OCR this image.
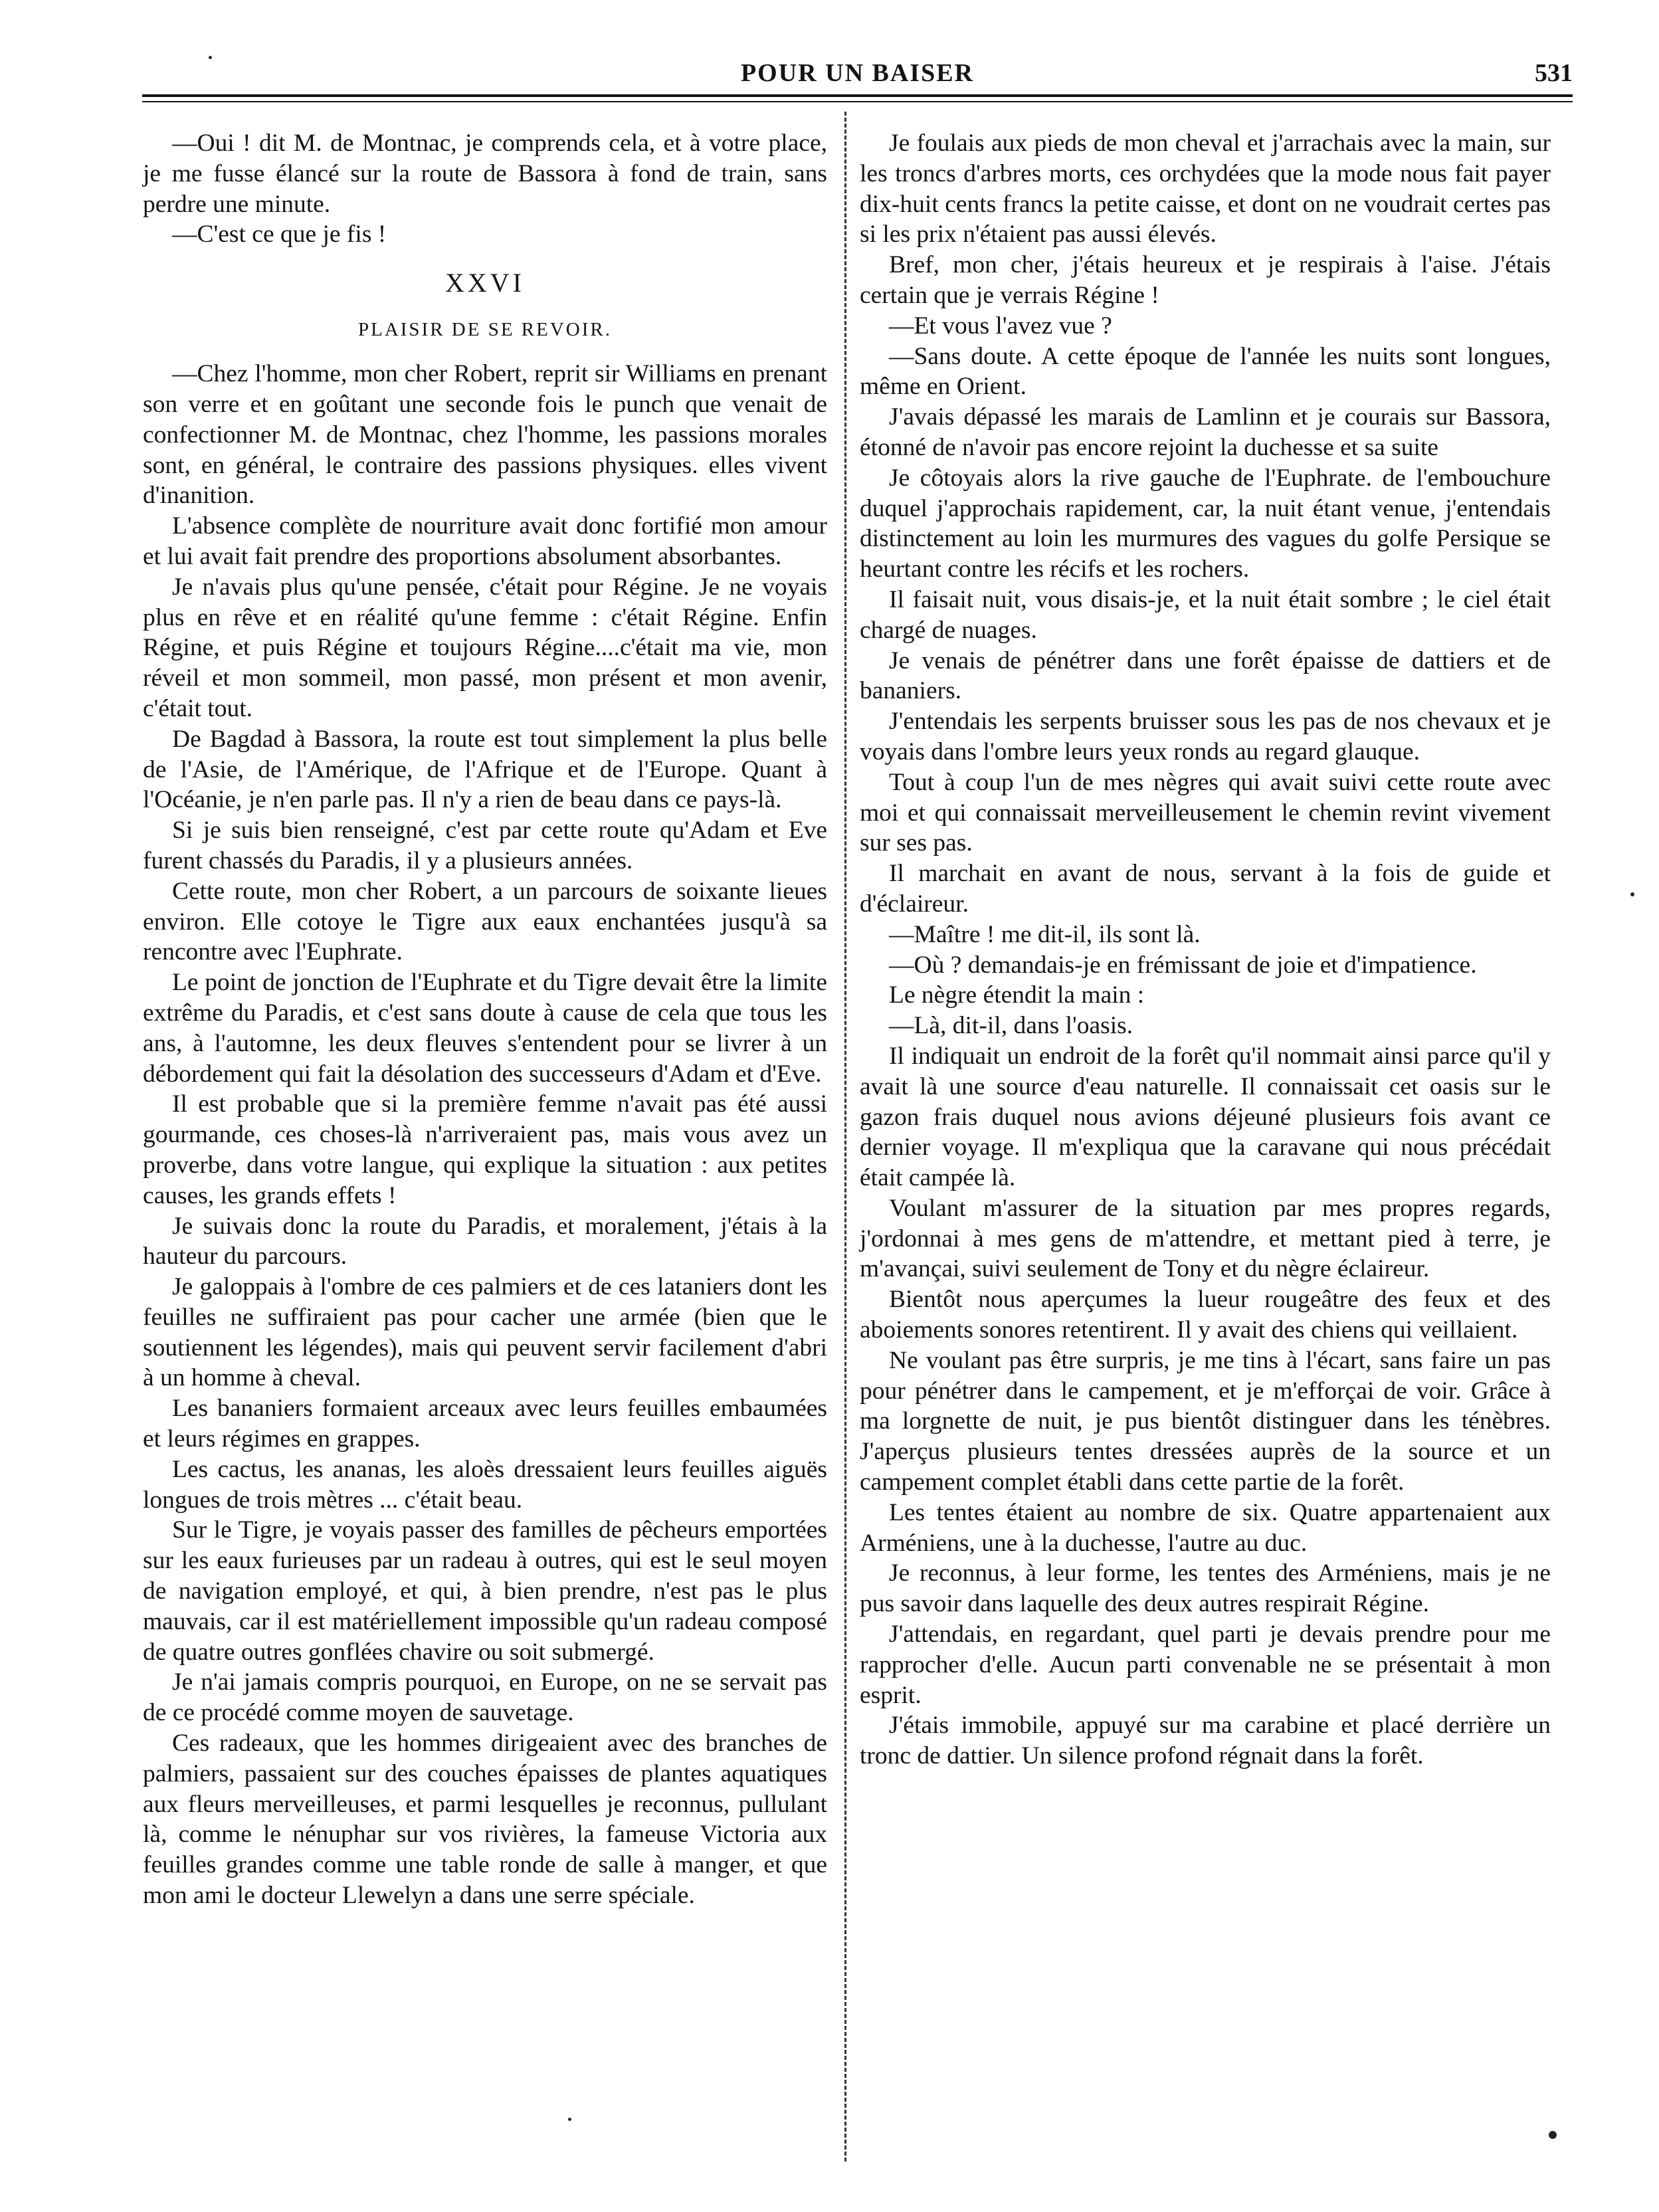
POUR UN BAISER	531

—Oui ! dit M. de Montnac, je comprends cela, et à votre place, je me fusse élancé sur la route de Bassora à fond de train, sans perdre une minute.

—C'est ce que je fis !

XXVI
PLAISIR DE SE REVOIR.

—Chez l'homme, mon cher Robert, reprit sir Williams en prenant son verre et en goûtant une seconde fois le punch que venait de confectionner M. de Montnac, chez l'homme, les passions morales sont, en général, le contraire des passions physiques. elles vivent d'inanition.

L'absence complète de nourriture avait donc fortifié mon amour et lui avait fait prendre des proportions absolument absorbantes.

Je n'avais plus qu'une pensée, c'était pour Régine. Je ne voyais plus en rêve et en réalité qu'une femme : c'était Régine. Enfin Régine, et puis Régine et toujours Régine....c'était ma vie, mon réveil et mon sommeil, mon passé, mon présent et mon avenir, c'était tout.

De Bagdad à Bassora, la route est tout simplement la plus belle de l'Asie, de l'Amérique, de l'Afrique et de l'Europe. Quant à l'Océanie, je n'en parle pas. Il n'y a rien de beau dans ce pays-là.

Si je suis bien renseigné, c'est par cette route qu'Adam et Eve furent chassés du Paradis, il y a plusieurs années.

Cette route, mon cher Robert, a un parcours de soixante lieues environ. Elle cotoye le Tigre aux eaux enchantées jusqu'à sa rencontre avec l'Euphrate.

Le point de jonction de l'Euphrate et du Tigre devait être la limite extrême du Paradis, et c'est sans doute à cause de cela que tous les ans, à l'automne, les deux fleuves s'entendent pour se livrer à un débordement qui fait la désolation des successeurs d'Adam et d'Eve.

Il est probable que si la première femme n'avait pas été aussi gourmande, ces choses-là n'arriveraient pas, mais vous avez un proverbe, dans votre langue, qui explique la situation : aux petites causes, les grands effets !

Je suivais donc la route du Paradis, et moralement, j'étais à la hauteur du parcours.

Je galoppais à l'ombre de ces palmiers et de ces lataniers dont les feuilles ne suffiraient pas pour cacher une armée (bien que le soutiennent les légendes), mais qui peuvent servir facilement d'abri à un homme à cheval.

Les bananiers formaient arceaux avec leurs feuilles embaumées et leurs régimes en grappes.

Les cactus, les ananas, les aloès dressaient leurs feuilles aiguës longues de trois mètres ... c'était beau.

Sur le Tigre, je voyais passer des familles de pêcheurs emportées sur les eaux furieuses par un radeau à outres, qui est le seul moyen de navigation employé, et qui, à bien prendre, n'est pas le plus mauvais, car il est matériellement impossible qu'un radeau composé de quatre outres gonflées chavire ou soit submergé.

Je n'ai jamais compris pourquoi, en Europe, on ne se servait pas de ce procédé comme moyen de sauvetage.

Ces radeaux, que les hommes dirigeaient avec des branches de palmiers, passaient sur des couches épaisses de plantes aquatiques aux fleurs merveilleuses, et parmi lesquelles je reconnus, pullulant là, comme le nénuphar sur vos rivières, la fameuse Victoria aux feuilles grandes comme une table ronde de salle à manger, et que mon ami le docteur Llewelyn a dans une serre spéciale.

Je foulais aux pieds de mon cheval et j'arrachais avec la main, sur les troncs d'arbres morts, ces orchydées que la mode nous fait payer dix-huit cents francs la petite caisse, et dont on ne voudrait certes pas si les prix n'étaient pas aussi élevés.

Bref, mon cher, j'étais heureux et je respirais à l'aise. J'étais certain que je verrais Régine !

—Et vous l'avez vue ?

—Sans doute. A cette époque de l'année les nuits sont longues, même en Orient.

J'avais dépassé les marais de Lamlinn et je courais sur Bassora, étonné de n'avoir pas encore rejoint la duchesse et sa suite

Je côtoyais alors la rive gauche de l'Euphrate. de l'embouchure duquel j'approchais rapidement, car, la nuit étant venue, j'entendais distinctement au loin les murmures des vagues du golfe Persique se heurtant contre les récifs et les rochers.

Il faisait nuit, vous disais-je, et la nuit était sombre ; le ciel était chargé de nuages.

Je venais de pénétrer dans une forêt épaisse de dattiers et de bananiers.

J'entendais les serpents bruisser sous les pas de nos chevaux et je voyais dans l'ombre leurs yeux ronds au regard glauque.

Tout à coup l'un de mes nègres qui avait suivi cette route avec moi et qui connaissait merveilleusement le chemin revint vivement sur ses pas.

Il marchait en avant de nous, servant à la fois de guide et d'éclaireur.

—Maître ! me dit-il, ils sont là.

—Où ? demandais-je en frémissant de joie et d'impatience.

Le nègre étendit la main :

—Là, dit-il, dans l'oasis.

Il indiquait un endroit de la forêt qu'il nommait ainsi parce qu'il y avait là une source d'eau naturelle. Il connaissait cet oasis sur le gazon frais duquel nous avions déjeuné plusieurs fois avant ce dernier voyage. Il m'expliqua que la caravane qui nous précédait était campée là.

Voulant m'assurer de la situation par mes propres regards, j'ordonnai à mes gens de m'attendre, et mettant pied à terre, je m'avançai, suivi seulement de Tony et du nègre éclaireur.

Bientôt nous aperçumes la lueur rougeâtre des feux et des aboiements sonores retentirent. Il y avait des chiens qui veillaient.

Ne voulant pas être surpris, je me tins à l'écart, sans faire un pas pour pénétrer dans le campement, et je m'efforçai de voir. Grâce à ma lorgnette de nuit, je pus bientôt distinguer dans les ténèbres. J'aperçus plusieurs tentes dressées auprès de la source et un campement complet établi dans cette partie de la forêt.

Les tentes étaient au nombre de six. Quatre appartenaient aux Arméniens, une à la duchesse, l'autre au duc.

Je reconnus, à leur forme, les tentes des Arméniens, mais je ne pus savoir dans laquelle des deux autres respirait Régine.

J'attendais, en regardant, quel parti je devais prendre pour me rapprocher d'elle. Aucun parti convenable ne se présentait à mon esprit.

J'étais immobile, appuyé sur ma carabine et placé derrière un tronc de dattier. Un silence profond régnait dans la forêt.
